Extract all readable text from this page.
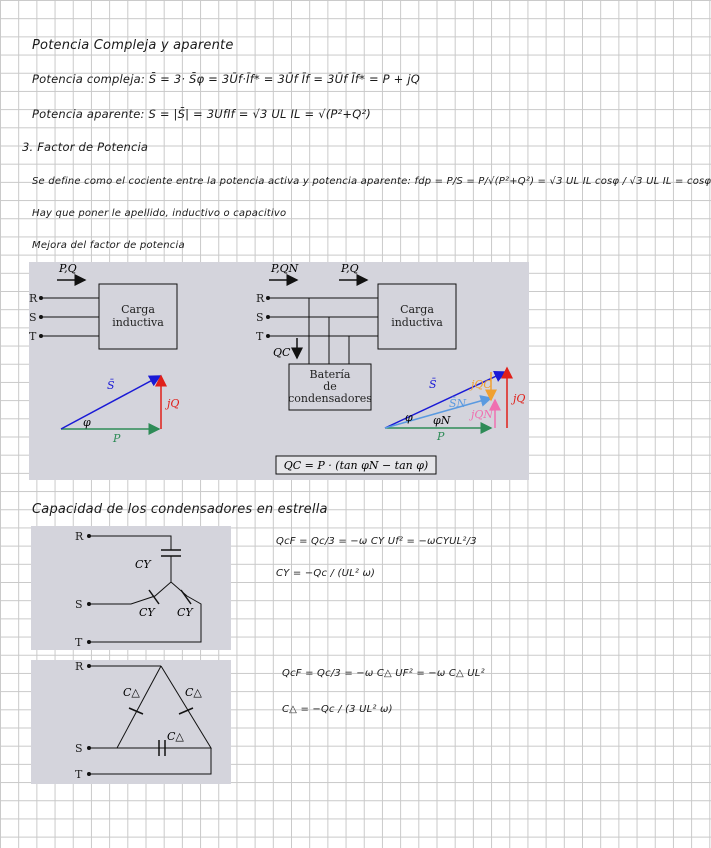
Potencia Compleja y aparente
Potencia compleja: S̄ = 3· S̄φ = 3Ūf·Īf* = 3Ūf Īf = 3Ūf Īf* = P + jQ
Potencia aparente: S = |S̄| = 3UfIf = √3 UL IL = √(P²+Q²)
3. Factor de Potencia
Se define como el cociente entre la potencia activa y potencia aparente: fdp = P/S = P/√(P²+Q²) = √3 UL IL cosφ / √3 UL IL = cosφ
Hay que poner le apellido, inductivo o capacitivo
Mejora del factor de potencia
P,Q
R
S
T
Carga
inductiva
S̄
jQ
P
φ
P,QN	P,Q
R
S
T
QC
Batería
de
condensadores
Carga
inductiva
S̄
S̄N
jQC
jQN
jQ
P
φ φN
QC = P · (tan φN − tan φ)
Capacidad de los condensadores en estrella
R
S
T
CY
CY CY
QcF = Qc/3 = −ω CY Uf² = −ωCYUL²/3
CY = −Qc / (UL² ω)
R
S
T
C△	C△
C△
QcF = Qc/3 = −ω C△ UF² = −ω C△ UL²
C△ = −Qc / (3 UL² ω)
